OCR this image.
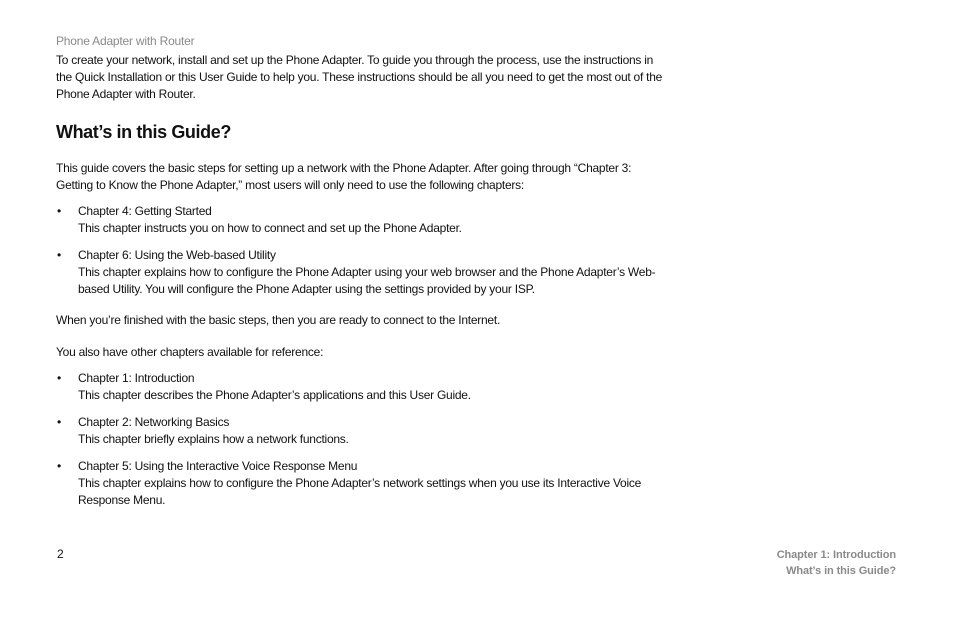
Phone Adapter with Router

To create your network, install and set up the Phone Adapter. To guide you through the process, use the instructions in the Quick Installation or this User Guide to help you. These instructions should be all you need to get the most out of the Phone Adapter with Router.

What’s in this Guide?

This guide covers the basic steps for setting up a network with the Phone Adapter. After going through “Chapter 3: Getting to Know the Phone Adapter,” most users will only need to use the following chapters:

• Chapter 4: Getting Started
This chapter instructs you on how to connect and set up the Phone Adapter.
• Chapter 6: Using the Web-based Utility
This chapter explains how to configure the Phone Adapter using your web browser and the Phone Adapter’s Web-based Utility. You will configure the Phone Adapter using the settings provided by your ISP.

When you’re finished with the basic steps, then you are ready to connect to the Internet.

You also have other chapters available for reference:

• Chapter 1: Introduction
This chapter describes the Phone Adapter’s applications and this User Guide.
• Chapter 2: Networking Basics
This chapter briefly explains how a network functions.
• Chapter 5: Using the Interactive Voice Response Menu
This chapter explains how to configure the Phone Adapter’s network settings when you use its Interactive Voice Response Menu.
2	Chapter 1: Introduction
What’s in this Guide?
